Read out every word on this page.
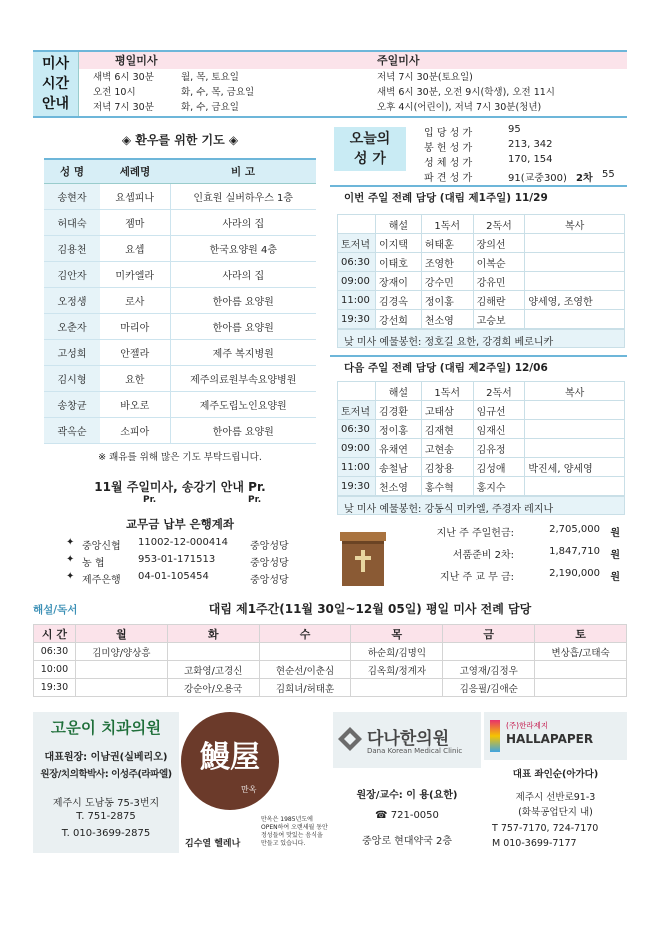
미사
시간
안내
평일미사	주일미사
새벽 6시 30분	월, 목, 토요일
오전 10시	화, 수, 목, 금요일
저녁 7시 30분	화, 수, 금요일
저녁 7시 30분(토요일)
새벽 6시 30분, 오전 9시(학생), 오전 11시
오후 4시(어린이), 저녁 7시 30분(청년)
◈ 환우를 위한 기도 ◈
성 명	세례명	비 고
송현자	요셉피나	인효원 실버하우스 1층
허대숙	젬마	사라의 집
김용천	요셉	한국요양원 4층
김안자	미카엘라	사라의 집
오정생	로사	한아름 요양원
오춘자	마리아	한아름 요양원
고성희	안젤라	제주 복지병원
김시형	요한	제주의료원부속요양병원
송창균	바오로	제주도립노인요양원
곽옥순	소피아	한아름 요양원
※ 쾌유를 위해 많은 기도 부탁드립니다.
11월 주일미사, 송강기 안내 Pr.
Pr.	Pr.
교무금 납부 은행계좌
✦ 중앙신협 11002-12-000414 중앙성당
✦ 농 협	953-01-171513	중앙성당
✦ 제주은행 04-01-105454	중앙성당
오늘의
성 가
입 당 성 가	95
봉 헌 성 가	213, 342
성 체 성 가	170, 154
파 견 성 가	91(교중300) 2차 55
이번 주일 전례 담당 (대림 제1주일) 11/29
	해설	1독서	2독서	복사
토저녁	이지택	허태훈	장의선	
06:30	이태호	조영한	이복순	
09:00	장재이	강수민	강유민	
11:00	김경옥	정이홍	김해란	양세영, 조영한
19:30	강선희	천소영	고승보	
낮 미사 예물봉헌: 정호길 요한, 강경희 베로니카
다음 주일 전례 담당 (대림 제2주일) 12/06
	해설	1독서	2독서	복사
토저녁	김경환	고태삼	임규선	
06:30	정이홍	김재현	임재신	
09:00	유채연	고현송	김유정	
11:00	송철남	김창용	김성애	박진세, 양세영
19:30	천소영	홍수혁	홍지수	
낮 미사 예물봉헌: 강동식 미카엘, 주경자 레지나
지난 주 주일헌금:	2,705,000 원
서품준비 2차:	1,847,710 원
지난 주 교 무 금:	2,190,000 원
해설/독서	대림 제1주간(11월 30일~12월 05일) 평일 미사 전례 담당
시 간	월	화	수	목	금	토
06:30	김미양/양상흥			하순희/김명익		변상흡/고태숙
10:00		고화영/고경신	현순선/이춘심	김옥희/정계자	고영재/김정우	
19:30		강순아/오용국	김희녀/허태훈		김응필/김애순	
고운이 치과의원
대표원장: 이남권(실베리오)
원장/치의학박사: 이성주(라파엘)
제주시 도남동 75-3번지
T. 751-2875
T. 010-3699-2875
鰻屋
만옥
김수열 헬레나
만옥은 1985년도에 OPEN하여 오랜세월 동안 정성들여 맛있는 음식을 만들고 있습니다.
다나한의원
Dana Korean Medical Clinic
원장/교수: 이 용(요한)
☎ 721-0050
중앙로 현대약국 2층
(주)한라제지
HALLAPAPER
대표 좌인순(아가다)
제주시 선반로91-3
(화북공업단지 내)
T 757-7170, 724-7170
M 010-3699-7177
